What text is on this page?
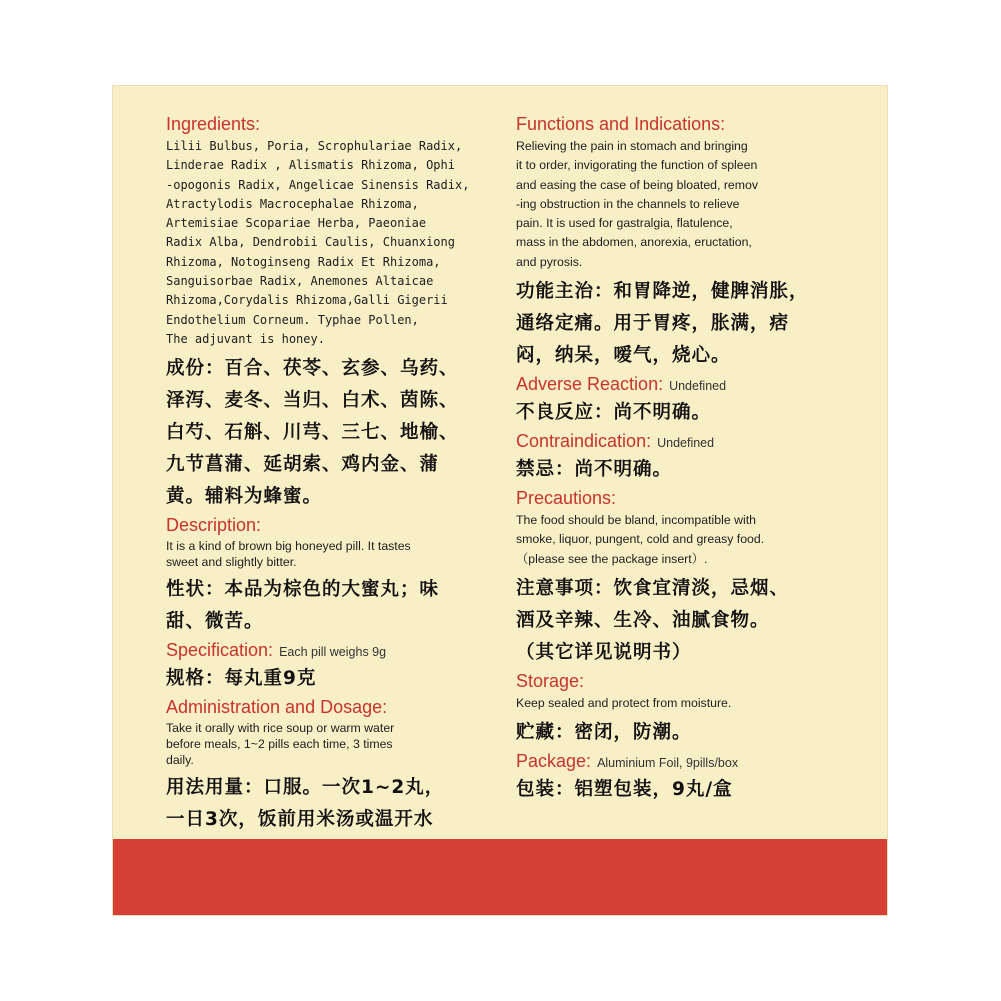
Ingredients:

Lilii Bulbus, Poria, Scrophulariae Radix,
Linderae Radix , Alismatis Rhizoma, Ophi
-opogonis Radix, Angelicae Sinensis Radix,
Atractylodis Macrocephalae Rhizoma,
Artemisiae Scopariae Herba, Paeoniae
Radix Alba, Dendrobii Caulis, Chuanxiong
Rhizoma, Notoginseng Radix Et Rhizoma,
Sanguisorbae Radix, Anemones Altaicae
Rhizoma,Corydalis Rhizoma,Galli Gigerii
Endothelium Corneum. Typhae Pollen,
The adjuvant is honey.
成份：百合、茯苓、玄参、乌药、
泽泻、麦冬、当归、白术、茵陈、
白芍、石斛、川芎、三七、地榆、
九节菖蒲、延胡索、鸡内金、蒲
黄。辅料为蜂蜜。

Description:

It is a kind of brown big honeyed pill. It tastes
sweet and slightly bitter.
性状：本品为棕色的大蜜丸；味
甜、微苦。

Specification: Each pill weighs 9g

规格：每丸重9克

Administration and Dosage:

Take it orally with rice soup or warm water
before meals, 1~2 pills each time, 3 times
daily.
用法用量：口服。一次1~2丸，
一日3次，饭前用米汤或温开水

Functions and Indications:

Relieving the pain in stomach and bringing
it to order, invigorating the function of spleen
and easing the case of being bloated, remov
-ing obstruction in the channels to relieve
pain. It is used for gastralgia, flatulence,
mass in the abdomen, anorexia, eructation,
and pyrosis.
功能主治：和胃降逆，健脾消胀，
通络定痛。用于胃疼，胀满，痞
闷，纳呆，嗳气，烧心。

Adverse Reaction: Undefined

不良反应：尚不明确。

Contraindication: Undefined

禁忌：尚不明确。

Precautions:

The food should be bland, incompatible with
smoke, liquor, pungent, cold and greasy food.
（please see the package insert）.
注意事项：饮食宜清淡，忌烟、
酒及辛辣、生冷、油腻食物。
（其它详见说明书）

Storage:

Keep sealed and protect from moisture.
贮藏：密闭，防潮。

Package: Aluminium Foil, 9pills/box

包装：铝塑包装，9丸/盒
